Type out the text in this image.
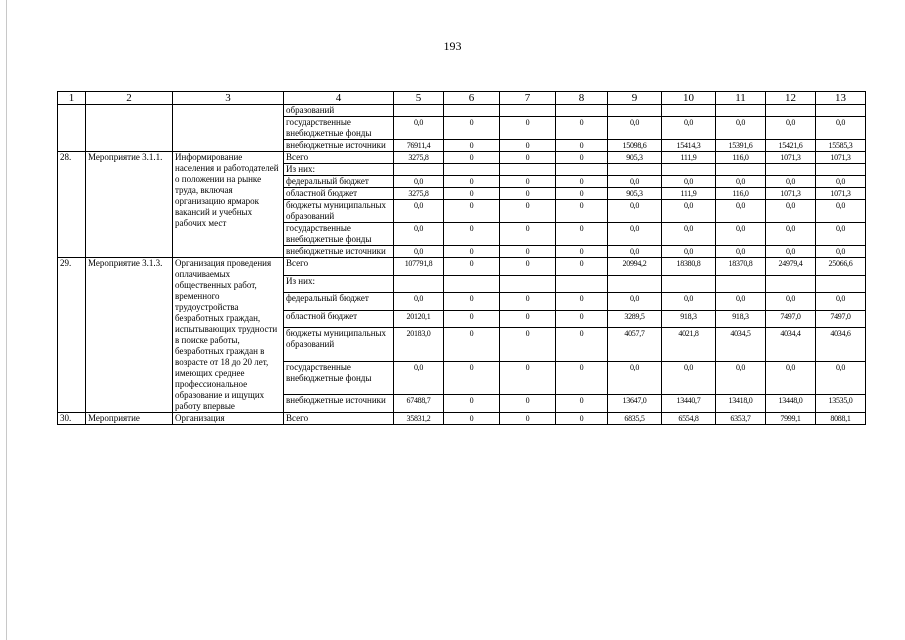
193
1	2	3	4	5	6	7	8	9	10	11	12	13
			образований									
			государственные внебюджетные фонды	0,0	0	0	0	0,0	0,0	0,0	0,0	0,0
			внебюджетные источники	76911,4	0	0	0	15098,6	15414,3	15391,6	15421,6	15585,3
28.	Мероприятие 3.1.1.	Информирование населения и работодателей о положении на рынке труда, включая организацию ярмарок вакансий и учебных рабочих мест	Всего	3275,8	0	0	0	905,3	111,9	116,0	1071,3	1071,3
			Из них:									
			федеральный бюджет	0,0	0	0	0	0,0	0,0	0,0	0,0	0,0
			областной бюджет	3275,8	0	0	0	905,3	111,9	116,0	1071,3	1071,3
			бюджеты муниципальных образований	0,0	0	0	0	0,0	0,0	0,0	0,0	0,0
			государственные внебюджетные фонды	0,0	0	0	0	0,0	0,0	0,0	0,0	0,0
			внебюджетные источники	0,0	0	0	0	0,0	0,0	0,0	0,0	0,0
29.	Мероприятие 3.1.3.	Организация проведения оплачиваемых общественных работ, временного трудоустройства безработных граждан, испытывающих трудности в поиске работы, безработных граждан в возрасте от 18 до 20 лет, имеющих среднее профессиональное образование и ищущих работу впервые	Всего	107791,8	0	0	0	20994,2	18380,8	18370,8	24979,4	25066,6
			Из них:									
			федеральный бюджет	0,0	0	0	0	0,0	0,0	0,0	0,0	0,0
			областной бюджет	20120,1	0	0	0	3289,5	918,3	918,3	7497,0	7497,0
			бюджеты муниципальных образований	20183,0	0	0	0	4057,7	4021,8	4034,5	4034,4	4034,6
			государственные внебюджетные фонды	0,0	0	0	0	0,0	0,0	0,0	0,0	0,0
			внебюджетные источники	67488,7	0	0	0	13647,0	13440,7	13418,0	13448,0	13535,0
30.	Мероприятие	Организация	Всего	35831,2	0	0	0	6835,5	6554,8	6353,7	7999,1	8088,1
